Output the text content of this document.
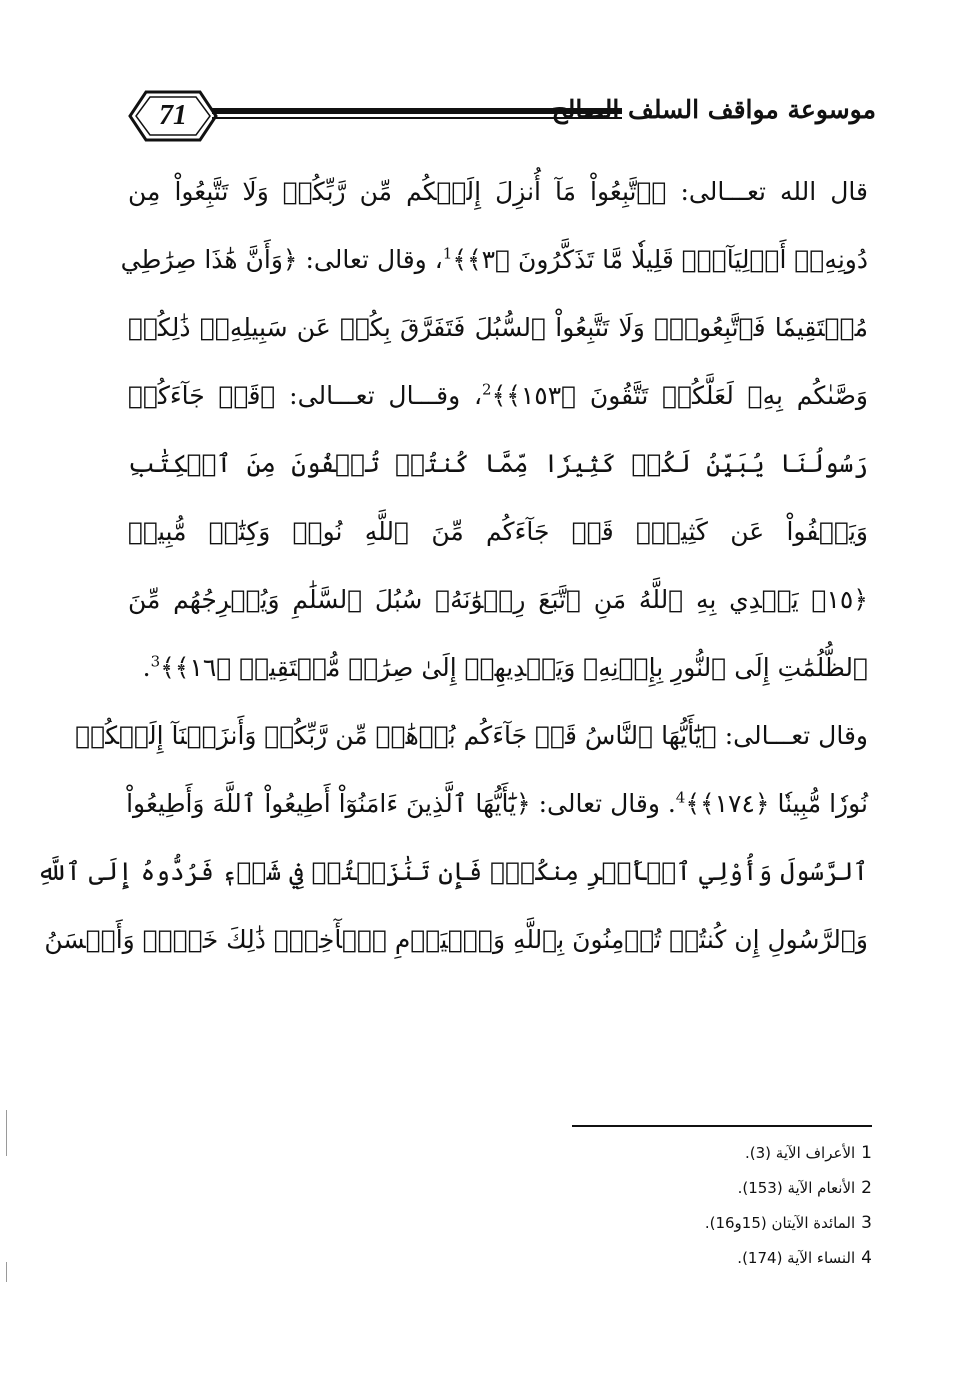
71	موسوعة مواقف السلف الصالح
قال الله تعـــالى: ﴿ٱتَّبِعُواْ مَآ أُنزِلَ إِلَيۡكُم مِّن رَّبِّكُمۡ وَلَا تَتَّبِعُواْ مِن
دُونِهِۦٓ أَوۡلِيَآءَۗ قَلِيلٗا مَّا تَذَكَّرُونَ ﴿٣﴾﴾$^1$، وقال تعالى: ﴿وَأَنَّ هَٰذَا صِرَٰطِي
مُسۡتَقِيمٗا فَٱتَّبِعُوهُۖ وَلَا تَتَّبِعُواْ ٱلسُّبُلَ فَتَفَرَّقَ بِكُمۡ عَن سَبِيلِهِۦۚ ذَٰلِكُمۡ
وَصَّىٰكُم بِهِۦ لَعَلَّكُمۡ تَتَّقُونَ ﴿١٥٣﴾﴾$^2$، وقـــال تعـــالى: ﴿قَدۡ جَآءَكُمۡ
رَسُولُنَا يُبَيِّنُ لَكُمۡ كَثِيرٗا مِّمَّا كُنتُمۡ تُخۡفُونَ مِنَ ٱلۡكِتَٰبِ
وَيَعۡفُواْ عَن كَثِيرٖۚ قَدۡ جَآءَكُم مِّنَ ٱللَّهِ نُورٞ وَكِتَٰبٞ مُّبِينٞ
﴿١٥﴾ يَهۡدِي بِهِ ٱللَّهُ مَنِ ٱتَّبَعَ رِضۡوَٰنَهُۥ سُبُلَ ٱلسَّلَٰمِ وَيُخۡرِجُهُم مِّنَ
ٱلظُّلُمَٰتِ إِلَى ٱلنُّورِ بِإِذۡنِهِۦ وَيَهۡدِيهِمۡ إِلَىٰ صِرَٰطٖ مُّسۡتَقِيمٖ ﴿١٦﴾﴾$^3$.
وقال تعـــالى: ﴿يَٰٓأَيُّهَا ٱلنَّاسُ قَدۡ جَآءَكُم بُرۡهَٰنٞ مِّن رَّبِّكُمۡ وَأَنزَلۡنَآ إِلَيۡكُمۡ
نُورٗا مُّبِينٗا ﴿١٧٤﴾﴾$^4$. وقال تعالى: ﴿يَٰٓأَيُّهَا ٱلَّذِينَ ءَامَنُوٓاْ أَطِيعُواْ ٱللَّهَ وَأَطِيعُواْ
ٱلرَّسُولَ وَأُوْلِي ٱلۡأَمۡرِ مِنكُمۡۖ فَإِن تَنَٰزَعۡتُمۡ فِي شَيۡءٖ فَرُدُّوهُ إِلَى ٱللَّهِ
وَٱلرَّسُولِ إِن كُنتُمۡ تُؤۡمِنُونَ بِٱللَّهِ وَٱلۡيَوۡمِ ٱلۡأٓخِرِۚ ذَٰلِكَ خَيۡرٞ وَأَحۡسَنُ
1الأعراف الآية (3).
2الأنعام الآية (153).
3المائدة الآيتان (15و16).
4النساء الآية (174).
